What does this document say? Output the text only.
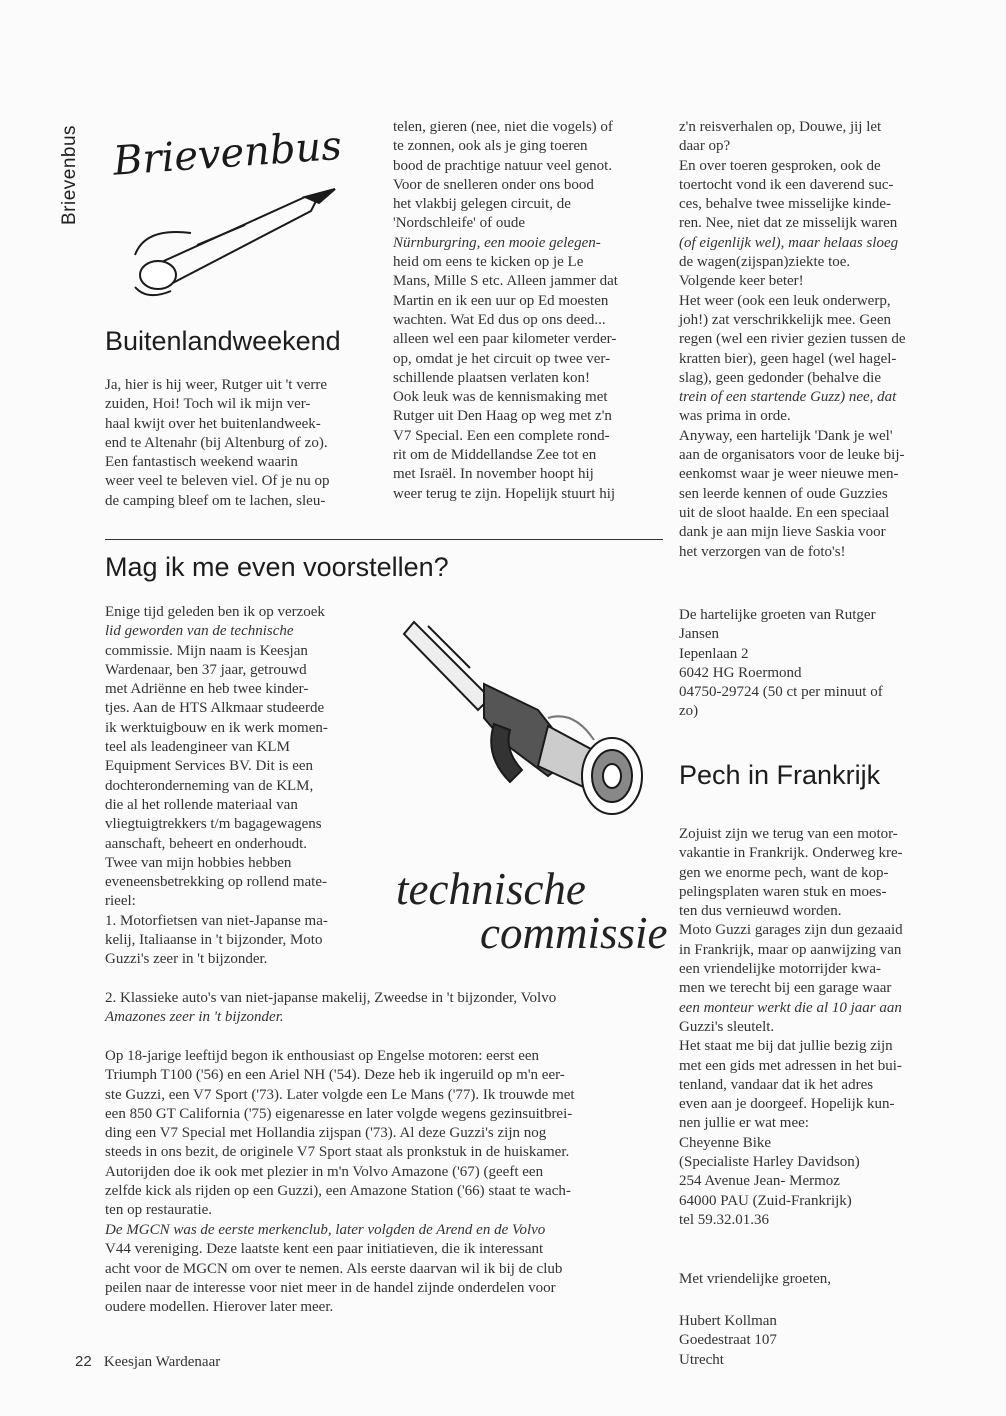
Brievenbus Brievenbus
Buitenlandweekend

Ja, hier is hij weer, Rutger uit 't verre

zuiden, Hoi! Toch wil ik mijn ver-

haal kwijt over het buitenlandweek-

end te Altenahr (bij Altenburg of zo).

Een fantastisch weekend waarin

weer veel te beleven viel. Of je nu op

de camping bleef om te lachen, sleu-

telen, gieren (nee, niet die vogels) of

te zonnen, ook als je ging toeren

bood de prachtige natuur veel genot.

Voor de snelleren onder ons bood

het vlakbij gelegen circuit, de

'Nordschleife' of oude

Nürnburgring, een mooie gelegen-

heid om eens te kicken op je Le

Mans, Mille S etc. Alleen jammer dat

Martin en ik een uur op Ed moesten

wachten. Wat Ed dus op ons deed...

alleen wel een paar kilometer verder-

op, omdat je het circuit op twee ver-

schillende plaatsen verlaten kon!

Ook leuk was de kennismaking met

Rutger uit Den Haag op weg met z'n

V7 Special. Een een complete rond-

rit om de Middellandse Zee tot en

met Israël. In november hoopt hij

weer terug te zijn. Hopelijk stuurt hij

z'n reisverhalen op, Douwe, jij let

daar op?

En over toeren gesproken, ook de

toertocht vond ik een daverend suc-

ces, behalve twee misselijke kinde-

ren. Nee, niet dat ze misselijk waren

(of eigenlijk wel), maar helaas sloeg

de wagen(zijspan)ziekte toe.

Volgende keer beter!

Het weer (ook een leuk onderwerp,

joh!) zat verschrikkelijk mee. Geen

regen (wel een rivier gezien tussen de

kratten bier), geen hagel (wel hagel-

slag), geen gedonder (behalve die

trein of een startende Guzz) nee, dat

was prima in orde.

Anyway, een hartelijk 'Dank je wel'

aan de organisators voor de leuke bij-

eenkomst waar je weer nieuwe men-

sen leerde kennen of oude Guzzies

uit de sloot haalde. En een speciaal

dank je aan mijn lieve Saskia voor

het verzorgen van de foto's!

De hartelijke groeten van Rutger

Jansen

Iepenlaan 2

6042 HG Roermond

04750-29724 (50 ct per minuut of

zo)

Mag ik me even voorstellen?

Enige tijd geleden ben ik op verzoek

lid geworden van de technische

commissie. Mijn naam is Keesjan

Wardenaar, ben 37 jaar, getrouwd

met Adriënne en heb twee kinder-

tjes. Aan de HTS Alkmaar studeerde

ik werktuigbouw en ik werk momen-

teel als leadengineer van KLM

Equipment Services BV. Dit is een

dochteronderneming van de KLM,

die al het rollende materiaal van

vliegtuigtrekkers t/m bagagewagens

aanschaft, beheert en onderhoudt.

Twee van mijn hobbies hebben

eveneensbetrekking op rollend mate-

rieel:

1. Motorfietsen van niet-Japanse ma-

kelij, Italiaanse in 't bijzonder, Moto

Guzzi's zeer in 't bijzonder.

technische
commissie

2. Klassieke auto's van niet-japanse makelij, Zweedse in 't bijzonder, Volvo

Amazones zeer in 't bijzonder.

Op 18-jarige leeftijd begon ik enthousiast op Engelse motoren: eerst een

Triumph T100 ('56) en een Ariel NH ('54). Deze heb ik ingeruild op m'n eer-

ste Guzzi, een V7 Sport ('73). Later volgde een Le Mans ('77). Ik trouwde met

een 850 GT California ('75) eigenaresse en later volgde wegens gezinsuitbrei-

ding een V7 Special met Hollandia zijspan ('73). Al deze Guzzi's zijn nog

steeds in ons bezit, de originele V7 Sport staat als pronkstuk in de huiskamer.

Autorijden doe ik ook met plezier in m'n Volvo Amazone ('67) (geeft een

zelfde kick als rijden op een Guzzi), een Amazone Station ('66) staat te wach-

ten op restauratie.

De MGCN was de eerste merkenclub, later volgden de Arend en de Volvo

V44 vereniging. Deze laatste kent een paar initiatieven, die ik interessant

acht voor de MGCN om over te nemen. Als eerste daarvan wil ik bij de club

peilen naar de interesse voor niet meer in de handel zijnde onderdelen voor

oudere modellen. Hierover later meer.

Pech in Frankrijk

Zojuist zijn we terug van een motor-

vakantie in Frankrijk. Onderweg kre-

gen we enorme pech, want de kop-

pelingsplaten waren stuk en moes-

ten dus vernieuwd worden.

Moto Guzzi garages zijn dun gezaaid

in Frankrijk, maar op aanwijzing van

een vriendelijke motorrijder kwa-

men we terecht bij een garage waar

een monteur werkt die al 10 jaar aan

Guzzi's sleutelt.

Het staat me bij dat jullie bezig zijn

met een gids met adressen in het bui-

tenland, vandaar dat ik het adres

even aan je doorgeef. Hopelijk kun-

nen jullie er wat mee:

Cheyenne Bike

(Specialiste Harley Davidson)

254 Avenue Jean- Mermoz

64000 PAU (Zuid-Frankrijk)

tel 59.32.01.36

Met vriendelijke groeten,

Hubert Kollman

Goedestraat 107

Utrecht

22 Keesjan Wardenaar
